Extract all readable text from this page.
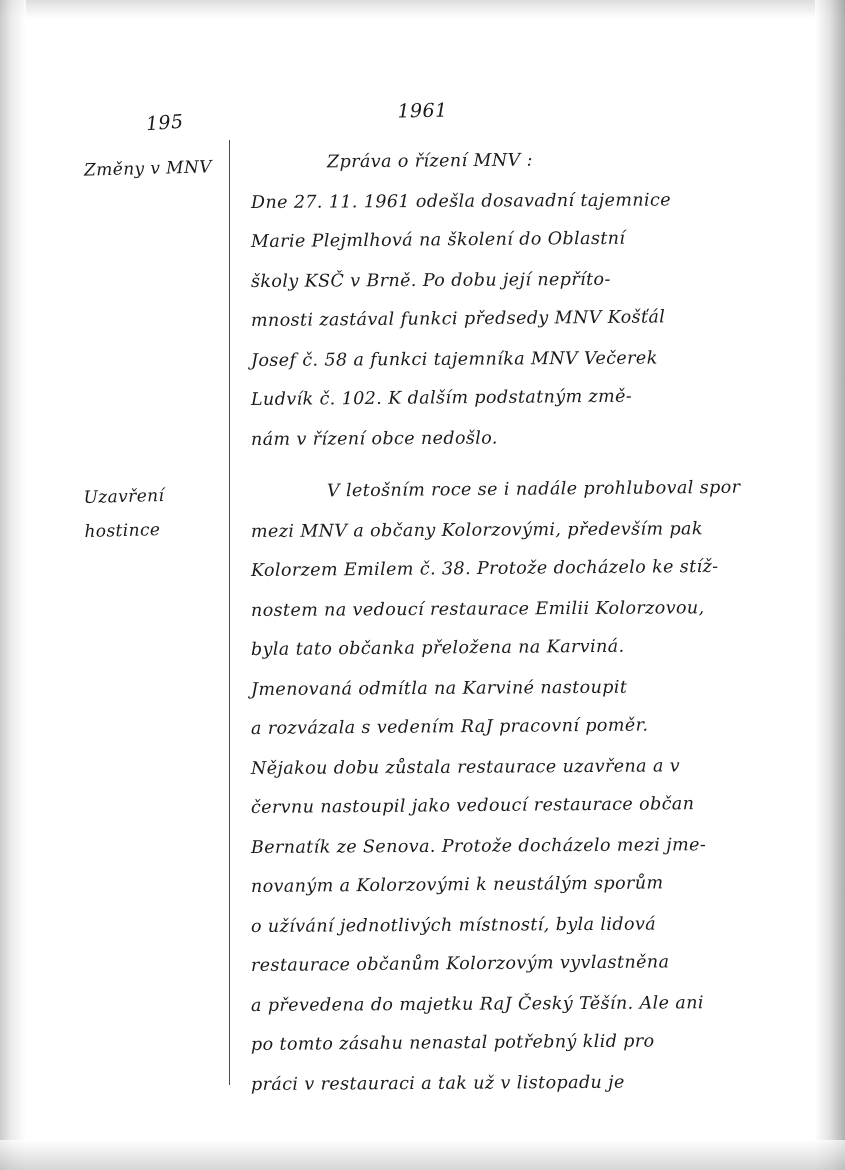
1961
195
Změny v MNV
Uzavření
hostince
Zpráva o řízení MNV :
Dne 27. 11. 1961 odešla dosavadní tajemnice
Marie Plejmlhová na školení do Oblastní
školy KSČ v Brně. Po dobu její nepříto-
mnosti zastával funkci předsedy MNV Košťál
Josef č. 58 a funkci tajemníka MNV Večerek
Ludvík č. 102. K dalším podstatným změ-
nám v řízení obce nedošlo.
V letošním roce se i nadále prohluboval spor
mezi MNV a občany Kolorzovými, především pak
Kolorzem Emilem č. 38. Protože docházelo ke stíž-
nostem na vedoucí restaurace Emilii Kolorzovou,
byla tato občanka přeložena na Karviná.
Jmenovaná odmítla na Karviné nastoupit
a rozvázala s vedením RaJ pracovní poměr.
Nějakou dobu zůstala restaurace uzavřena a v
červnu nastoupil jako vedoucí restaurace občan
Bernatík ze Senova. Protože docházelo mezi jme-
novaným a Kolorzovými k neustálým sporům
o užívání jednotlivých místností, byla lidová
restaurace občanům Kolorzovým vyvlastněna
a převedena do majetku RaJ Český Těšín. Ale ani
po tomto zásahu nenastal potřebný klid pro
práci v restauraci a tak už v listopadu je
